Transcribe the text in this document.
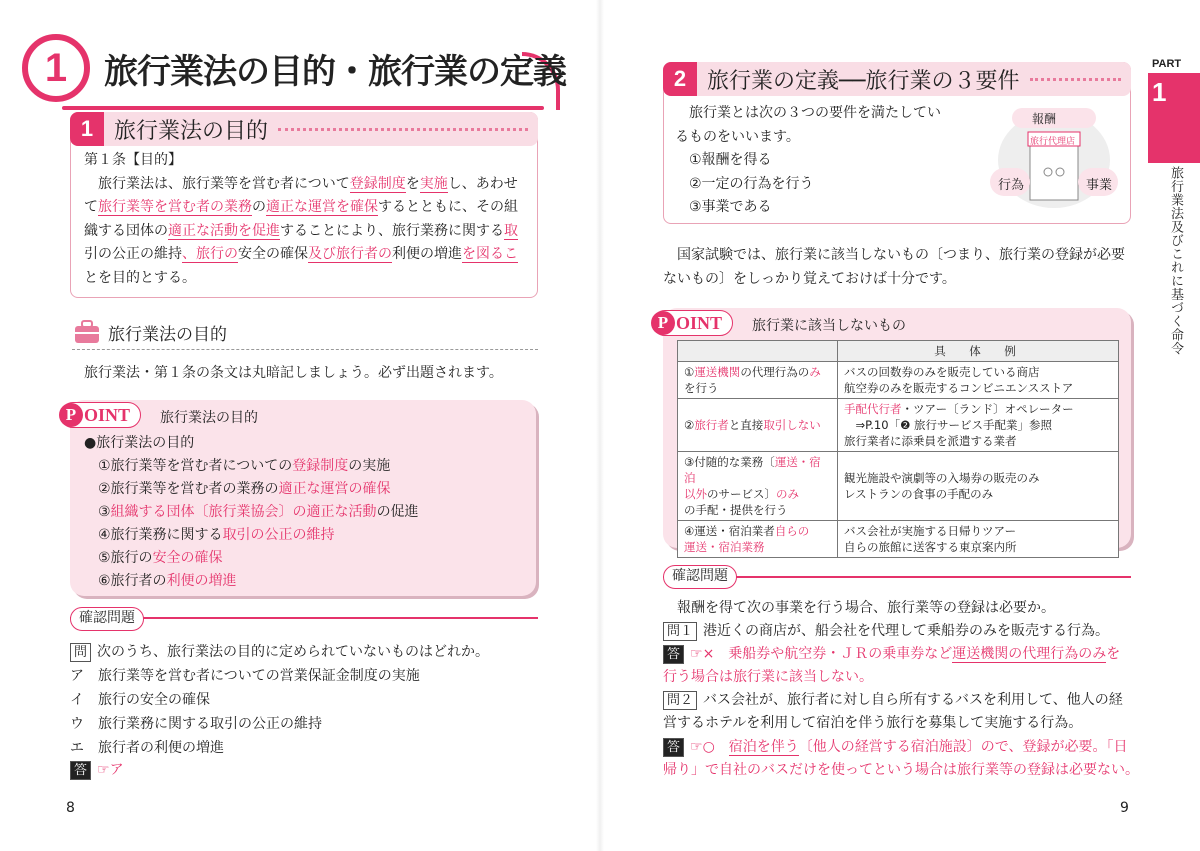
1	旅行業法の目的・旅行業の定義
1 旅行業法の目的
第１条【目的】
　旅行業法は、旅行業等を営む者について登録制度を実施し、あわせ
て旅行業等を営む者の業務の適正な運営を確保するとともに、その組
織する団体の適正な活動を促進することにより、旅行業務に関する取
引の公正の維持、旅行の安全の確保及び旅行者の利便の増進を図るこ
とを目的とする。
旅行業法の目的
旅行業法・第１条の条文は丸暗記しましょう。必ず出題されます。
P OINT 旅行業法の目的
●旅行業法の目的
①旅行業等を営む者についての登録制度の実施
②旅行業等を営む者の業務の適正な運営の確保
③組織する団体〔旅行業協会〕の適正な活動の促進
④旅行業務に関する取引の公正の維持
⑤旅行の安全の確保
⑥旅行者の利便の増進
確認問題
問 次のうち、旅行業法の目的に定められていないものはどれか。
ア 旅行業等を営む者についての営業保証金制度の実施
イ 旅行の安全の確保
ウ 旅行業務に関する取引の公正の維持
エ 旅行者の利便の増進
答 ☞ア
8
2 旅行業の定義──旅行業の３要件
　旅行業とは次の３つの要件を満たしてい
るものをいいます。
　①報酬を得る
　②一定の行為を行う
　③事業である
報酬
旅行代理店
行為	事業
　国家試験では、旅行業に該当しないもの〔つまり、旅行業の登録が必要
ないもの〕をしっかり覚えておけば十分です。
P OINT 旅行業に該当しないもの
	具　体　例
①運送機関の代理行為のみ
を行う	バスの回数券のみを販売している商店
航空券のみを販売するコンビニエンスストア
②旅行者と直接取引しない	手配代行者・ツアー〔ランド〕オペレーター
　⇒P.10「❷ 旅行サービス手配業」参照
旅行業者に添乗員を派遣する業者
③付随的な業務〔運送・宿泊
以外のサービス〕のみ
の手配・提供を行う	観光施設や演劇等の入場券の販売のみ
レストランの食事の手配のみ
④運送・宿泊業者自らの
運送・宿泊業務	バス会社が実施する日帰りツアー
自らの旅館に送客する東京案内所
確認問題
　報酬を得て次の事業を行う場合、旅行業等の登録は必要か。
問１ 港近くの商店が、船会社を代理して乗船券のみを販売する行為。
答 ☞×　乗船券や航空券・ＪＲの乗車券など運送機関の代理行為のみを
行う場合は旅行業に該当しない。
問２ バス会社が、旅行者に対し自ら所有するバスを利用して、他人の経
営するホテルを利用して宿泊を伴う旅行を募集して実施する行為。
答 ☞○　 宿泊を伴う〔他人の経営する宿泊施設〕ので、登録が必要。「日
帰り」で自社のバスだけを使ってという場合は旅行業等の登録は必要ない。
9
PART
1
旅行業法及びこれに基づく命令
